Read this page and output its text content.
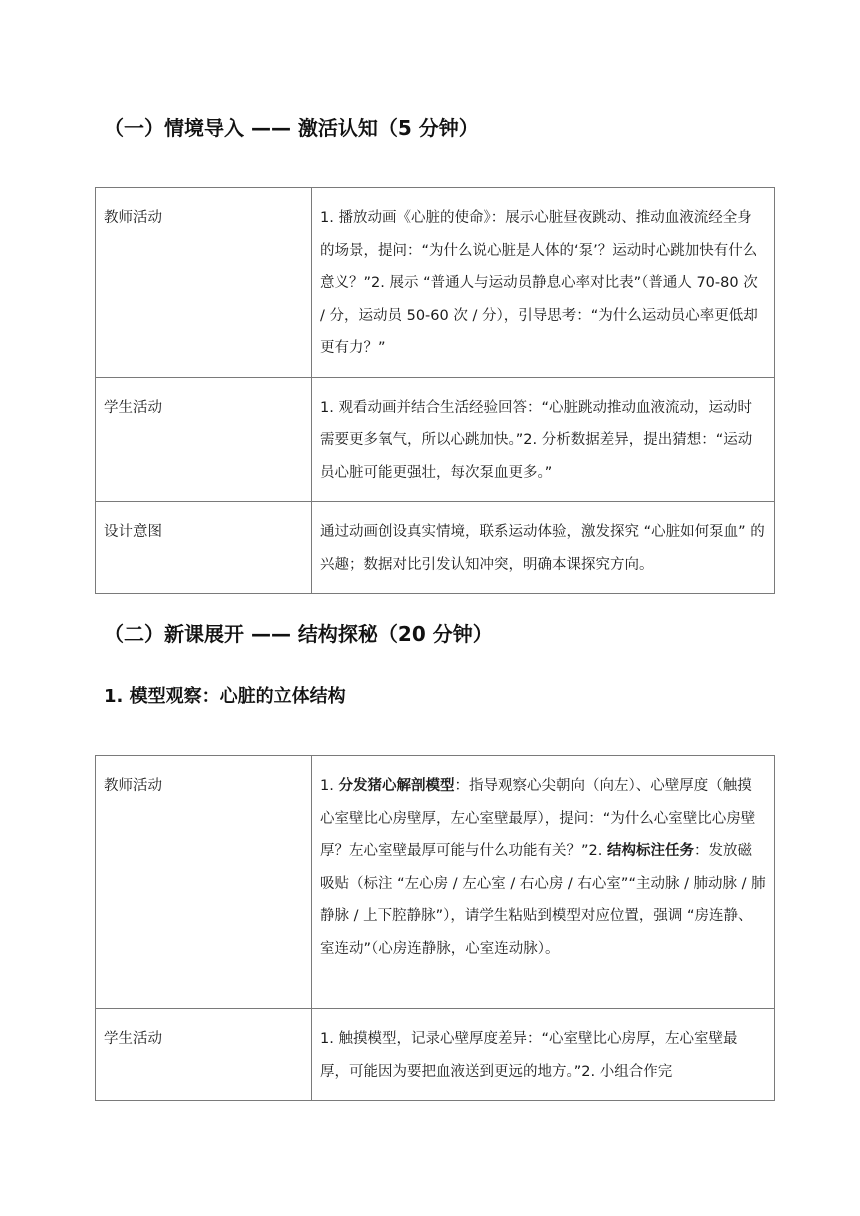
（一）情境导入 —— 激活认知（5 分钟）
教师活动	1. 播放动画《心脏的使命》：展示心脏昼夜跳动、推动血液流经全身的场景，提问：“为什么说心脏是人体的‘泵’？运动时心跳加快有什么意义？”2. 展示 “普通人与运动员静息心率对比表”（普通人 70-80 次 / 分，运动员 50-60 次 / 分），引导思考：“为什么运动员心率更低却更有力？”
学生活动	1. 观看动画并结合生活经验回答：“心脏跳动推动血液流动，运动时需要更多氧气，所以心跳加快。”2. 分析数据差异，提出猜想：“运动员心脏可能更强壮，每次泵血更多。”
设计意图	通过动画创设真实情境，联系运动体验，激发探究 “心脏如何泵血” 的兴趣；数据对比引发认知冲突，明确本课探究方向。
（二）新课展开 —— 结构探秘（20 分钟）
1. 模型观察：心脏的立体结构
教师活动	1. 分发猪心解剖模型：指导观察心尖朝向（向左）、心壁厚度（触摸心室壁比心房壁厚，左心室壁最厚），提问：“为什么心室壁比心房壁厚？左心室壁最厚可能与什么功能有关？”2. 结构标注任务：发放磁吸贴（标注 “左心房 / 左心室 / 右心房 / 右心室”“主动脉 / 肺动脉 / 肺静脉 / 上下腔静脉”），请学生粘贴到模型对应位置，强调 “房连静、室连动”（心房连静脉，心室连动脉）。
学生活动	1. 触摸模型，记录心壁厚度差异：“心室壁比心房厚，左心室壁最厚，可能因为要把血液送到更远的地方。”2. 小组合作完
